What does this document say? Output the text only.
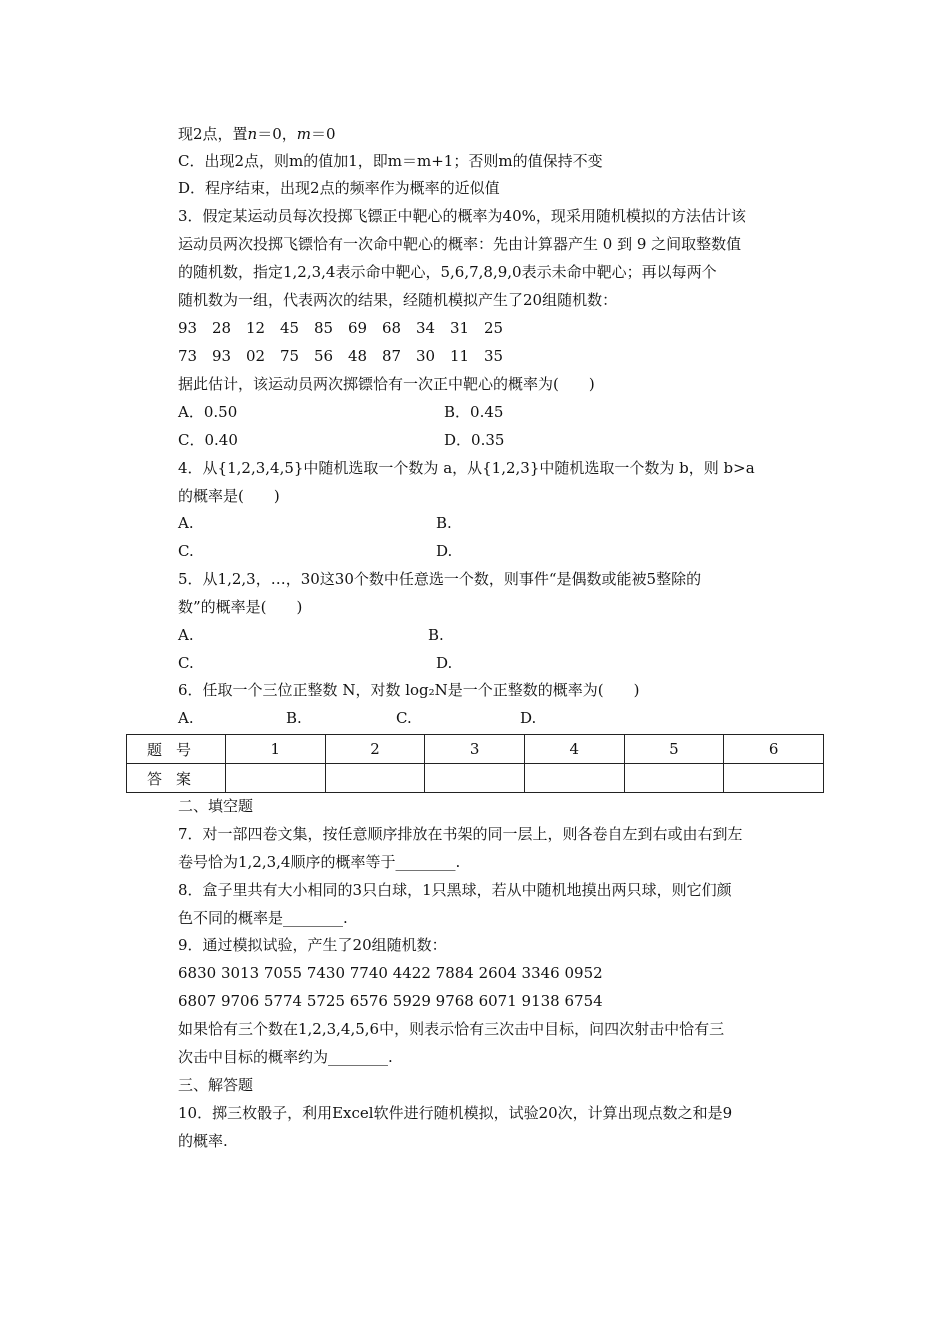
现2点，置n＝0，m＝0
C．出现2点，则m的值加1，即m＝m+1；否则m的值保持不变
D．程序结束，出现2点的频率作为概率的近似值
3．假定某运动员每次投掷飞镖正中靶心的概率为40%，现采用随机模拟的方法估计该
运动员两次投掷飞镖恰有一次命中靶心的概率：先由计算器产生 0 到 9 之间取整数值
的随机数，指定1,2,3,4表示命中靶心，5,6,7,8,9,0表示未命中靶心；再以每两个
随机数为一组，代表两次的结果，经随机模拟产生了20组随机数：
93 28 12 45 85 69 68 34 31 25
73 93 02 75 56 48 87 30 11 35
据此估计，该运动员两次掷镖恰有一次正中靶心的概率为(　　)
A．0.50	B．0.45
C．0.40	D．0.35
4．从{1,2,3,4,5}中随机选取一个数为 a，从{1,2,3}中随机选取一个数为 b，则 b>a
的概率是(　　)
A.	B.
C.	D.
5．从1,2,3，…，30这30个数中任意选一个数，则事件“是偶数或能被5整除的
数”的概率是(　　)
A.	B.
C.	D.
6．任取一个三位正整数 N，对数 log₂N是一个正整数的概率为(　　)
A.	B.	C.	D.
题号	1	2	3	4	5	6
答案						
二、填空题
7．对一部四卷文集，按任意顺序排放在书架的同一层上，则各卷自左到右或由右到左
卷号恰为1,2,3,4顺序的概率等于________.
8．盒子里共有大小相同的3只白球，1只黑球，若从中随机地摸出两只球，则它们颜
色不同的概率是________.
9．通过模拟试验，产生了20组随机数：
6830 3013 7055 7430 7740 4422 7884 2604 3346 0952
6807 9706 5774 5725 6576 5929 9768 6071 9138 6754
如果恰有三个数在1,2,3,4,5,6中，则表示恰有三次击中目标，问四次射击中恰有三
次击中目标的概率约为________.
三、解答题
10．掷三枚骰子，利用Excel软件进行随机模拟，试验20次，计算出现点数之和是9
的概率.
